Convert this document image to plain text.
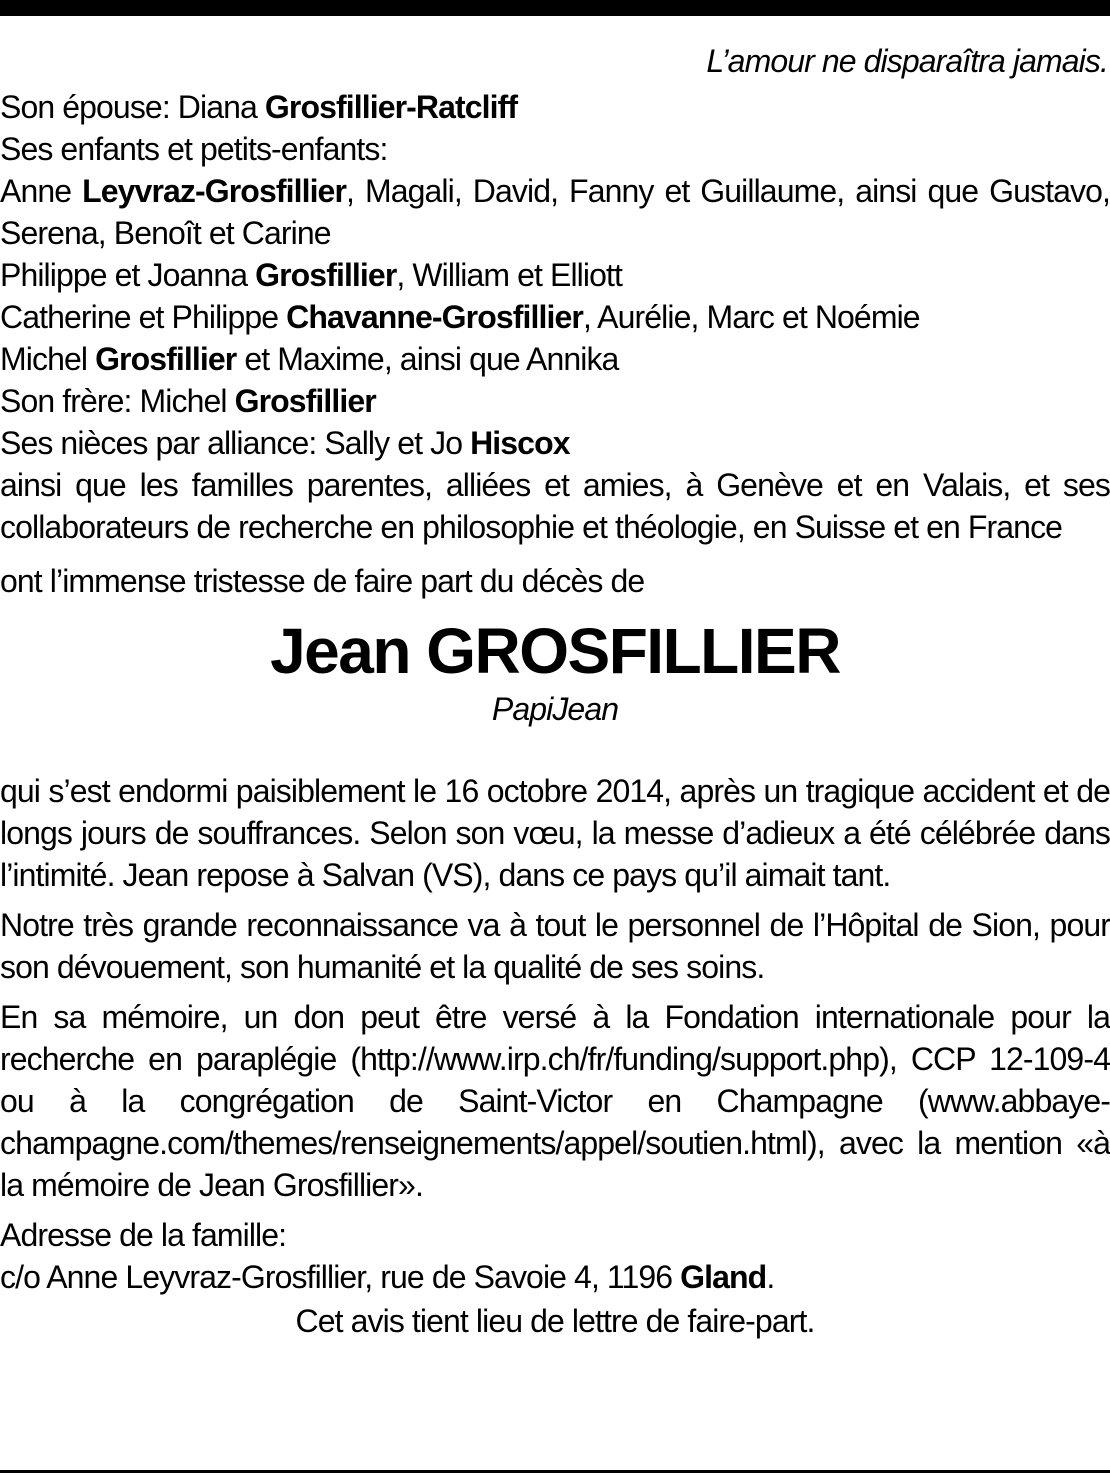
L’amour ne disparaîtra jamais.

Son épouse: Diana Grosfillier-Ratcliff

Ses enfants et petits-enfants:

Anne Leyvraz-Grosfillier, Magali, David, Fanny et Guillaume, ainsi que Gustavo, Serena, Benoît et Carine

Philippe et Joanna Grosfillier, William et Elliott

Catherine et Philippe Chavanne-Grosfillier, Aurélie, Marc et Noémie

Michel Grosfillier et Maxime, ainsi que Annika

Son frère: Michel Grosfillier

Ses nièces par alliance: Sally et Jo Hiscox

ainsi que les familles parentes, alliées et amies, à Genève et en Valais, et ses collaborateurs de recherche en philosophie et théologie, en Suisse et en France

ont l’immense tristesse de faire part du décès de

Jean GROSFILLIER
PapiJean

qui s’est endormi paisiblement le 16 octobre 2014, après un tragique accident et de longs jours de souffrances. Selon son vœu, la messe d’adieux a été célébrée dans l’intimité. Jean repose à Salvan (VS), dans ce pays qu’il aimait tant.

Notre très grande reconnaissance va à tout le personnel de l’Hôpital de Sion, pour son dévouement, son humanité et la qualité de ses soins.

En sa mémoire, un don peut être versé à la Fondation internationale pour la recherche en paraplégie (http://www.irp.ch/fr/funding/support.php), CCP 12-109-4 ou à la congrégation de Saint-Victor en Champagne (www.abbaye-champagne.com/themes/renseignements/appel/soutien.html), avec la mention «à la mémoire de Jean Grosfillier».

Adresse de la famille:

c/o Anne Leyvraz-Grosfillier, rue de Savoie 4, 1196 Gland.

Cet avis tient lieu de lettre de faire-part.
